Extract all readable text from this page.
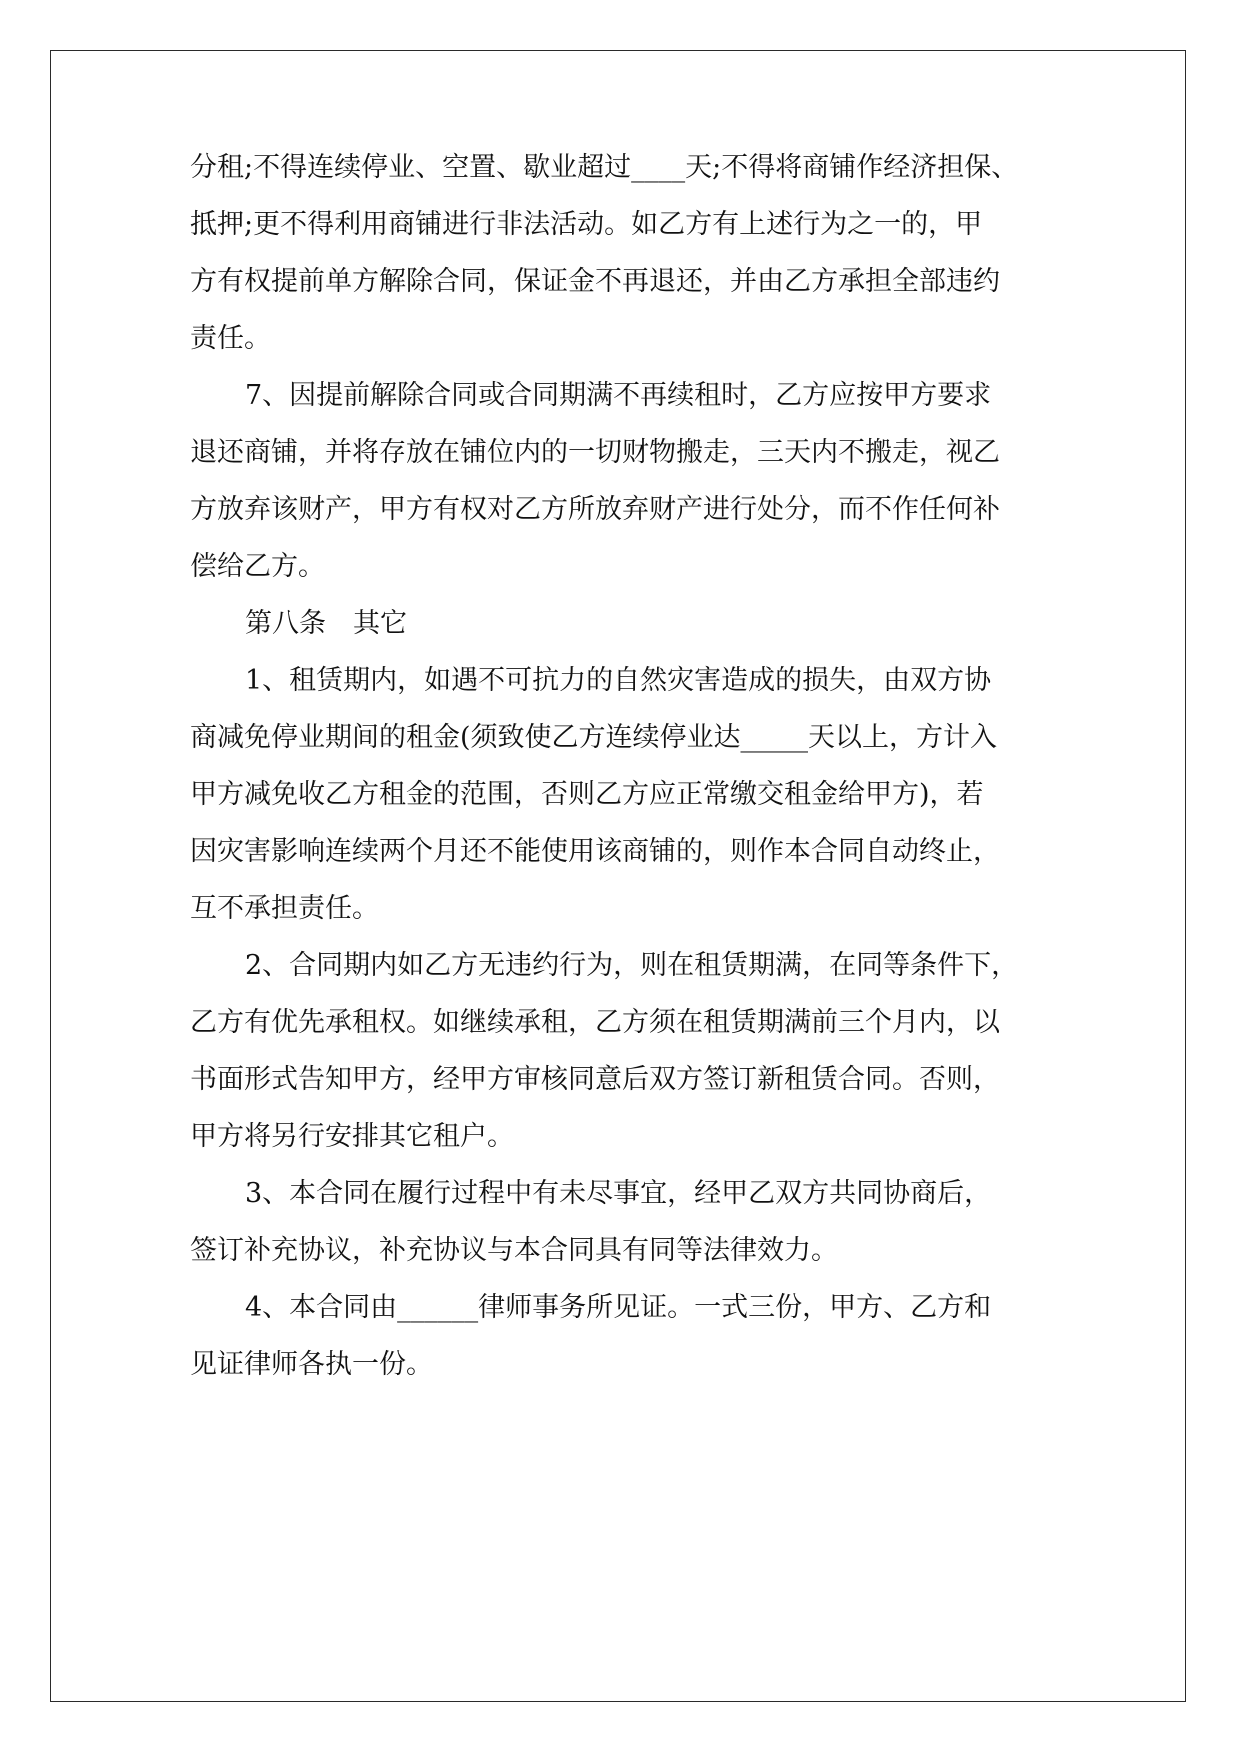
分租;不得连续停业、空置、歇业超过____天;不得将商铺作经济担保、

抵押;更不得利用商铺进行非法活动。如乙方有上述行为之一的，甲

方有权提前单方解除合同，保证金不再退还，并由乙方承担全部违约

责任。

7、因提前解除合同或合同期满不再续租时，乙方应按甲方要求

退还商铺，并将存放在铺位内的一切财物搬走，三天内不搬走，视乙

方放弃该财产，甲方有权对乙方所放弃财产进行处分，而不作任何补

偿给乙方。

第八条　其它

1、租赁期内，如遇不可抗力的自然灾害造成的损失，由双方协

商减免停业期间的租金(须致使乙方连续停业达_____天以上，方计入

甲方减免收乙方租金的范围，否则乙方应正常缴交租金给甲方)，若

因灾害影响连续两个月还不能使用该商铺的，则作本合同自动终止，

互不承担责任。

2、合同期内如乙方无违约行为，则在租赁期满，在同等条件下，

乙方有优先承租权。如继续承租，乙方须在租赁期满前三个月内，以

书面形式告知甲方，经甲方审核同意后双方签订新租赁合同。否则，

甲方将另行安排其它租户。

3、本合同在履行过程中有未尽事宜，经甲乙双方共同协商后，

签订补充协议，补充协议与本合同具有同等法律效力。

4、本合同由______律师事务所见证。一式三份，甲方、乙方和

见证律师各执一份。
